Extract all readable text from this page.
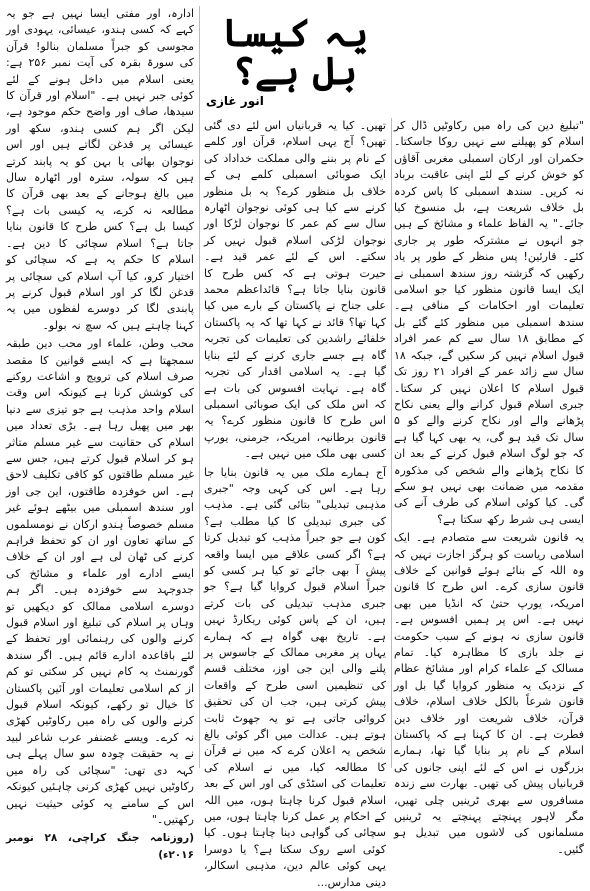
یہ کیسا بل ہے؟
انور غازی

"تبلیغ دین کی راہ میں رکاوٹیں ڈال کر اسلام کو پھیلنے سے نہیں روکا جاسکتا۔ حکمران اور ارکان اسمبلی مغربی آقاؤں کو خوش کرنے کے لئے اپنی عاقبت برباد نہ کریں۔ سندھ اسمبلی کا پاس کردہ بل خلاف شریعت ہے، بل منسوخ کیا جائے۔" یہ الفاظ علماء و مشائخ کے ہیں جو انہوں نے مشترکہ طور پر جاری کئے۔ قارئین! پس منظر کے طور پر یاد رکھیں کہ گزشتہ روز سندھ اسمبلی نے ایک ایسا قانون منظور کیا جو اسلامی تعلیمات اور احکامات کے منافی ہے۔ سندھ اسمبلی میں منظور کئے گئے بل کے مطابق ۱۸ سال سے کم عمر افراد قبول اسلام نہیں کر سکیں گے، جبکہ ۱۸ سال سے زائد عمر کے افراد ۲۱ روز تک قبول اسلام کا اعلان نہیں کر سکتا۔ جبری اسلام قبول کرانے والے یعنی نکاح پڑھانے والے اور نکاح کرنے والے کو ۵ سال تک قید ہو گی، یہ بھی کہا گیا ہے کہ جو لوگ اسلام قبول کرنے کے بعد ان کا نکاح پڑھانے والے شخص کی مذکورہ مقدمہ میں ضمانت بھی نہیں ہو سکے گی۔ کیا کوئی اسلام کی طرف آنے کی ایسی ہی شرط رکھ سکتا ہے؟

یہ قانون شریعت سے متصادم ہے۔ ایک اسلامی ریاست کو ہرگز اجازت نہیں کہ وہ اللہ کے بنائے ہوئے قوانین کے خلاف قانون سازی کرے۔ اس طرح کا قانون امریکہ، یورپ حتیٰ کہ انڈیا میں بھی نہیں ہے۔ اس پر ہمیں افسوس ہے۔ قانون سازی نہ ہونے کے سبب حکومت نے جلد بازی کا مظاہرہ کیا۔ تمام مسالک کے علماء کرام اور مشائخ عظام کے نزدیک یہ منظور کروایا گیا بل اور قانون شرعاً بالکل خلاف اسلام، خلاف قرآن، خلاف شریعت اور خلاف دین فطرت ہے۔ ان کا کہنا ہے کہ پاکستان اسلام کے نام پر بنایا گیا تھا، ہمارے بزرگوں نے اس کے لئے اپنی جانوں کی قربانیاں پیش کی تھیں۔ بھارت سے زندہ مسافروں سے بھری ٹرینیں چلی تھیں، مگر لاہور پہنچتے پہنچتے یہ ٹرینیں مسلمانوں کی لاشوں میں تبدیل ہو گئیں۔

تھیں۔ کیا یہ قربانیاں اس لئے دی گئی تھیں؟ آج یہی اسلام، قرآن اور کلمے کے نام پر بننے والی مملکت خداداد کی ایک صوبائی اسمبلی کلمے ہی کے خلاف بل منظور کرے؟ یہ بل منظور کرنے سے کیا ہی کوئی نوجوان اٹھارہ سال سے کم عمر کا نوجوان لڑکا اور نوجوان لڑکی اسلام قبول نہیں کر سکتے۔ اس کے لئے عمر قید ہے۔ حیرت ہوتی ہے کہ کس طرح کا قانون بنایا جاتا ہے؟ قائداعظم محمد علی جناح نے پاکستان کے بارے میں کیا کہا تھا؟ قائد نے کہا تھا کہ یہ پاکستان خلفائے راشدین کی تعلیمات کی تجربہ گاہ ہے جسے جاری کرنے کے لئے بنایا گیا ہے۔ یہ اسلامی اقدار کی تجربہ گاہ ہے۔ نہایت افسوس کی بات ہے کہ اس ملک کی ایک صوبائی اسمبلی اس طرح کا قانون منظور کرے؟ یہ قانون برطانیہ، امریکہ، جرمنی، یورپ کسی بھی ملک میں نہیں ہے۔

آج ہمارے ملک میں یہ قانون بنایا جا رہا ہے۔ اس کی کہی وجہ "جبری مذہبی تبدیلی" بتائی گئی ہے۔ مذہب کی جبری تبدیلی کا کیا مطلب ہے؟ کون ہے جو جبراً مذہب کو تبدیل کرتا ہے؟ اگر کسی علاقے میں ایسا واقعہ پیش آ بھی جائے تو کیا ہر کسی کو جبراً اسلام قبول کروایا گیا ہے؟ جو جبری مذہب تبدیلی کی بات کرتے ہیں، ان کے پاس کوئی ریکارڈ نہیں ہے۔ تاریخ بھی گواہ ہے کہ ہمارے یہاں پر مغربی ممالک کے جاسوس پر پلنے والی این جی اوز، مختلف قسم کی تنظیمیں اسی طرح کے واقعات پیش کرتی ہیں، جب ان کی تحقیق کروائی جاتی ہے تو یہ جھوٹ ثابت ہوتے ہیں۔ عدالت میں اگر کوئی بالغ شخص یہ اعلان کرے کہ میں نے قرآن کا مطالعہ کیا، میں نے اسلام کی تعلیمات کی اسٹڈی کی اور اس کے بعد اسلام قبول کرنا چاہتا ہوں، میں اللہ کے احکام پر عمل کرنا چاہتا ہوں، میں سچائی کی گواہی دینا چاہتا ہوں۔ کیا کوئی اسے روک سکتا ہے؟ یا دوسرا یہی کوئی عالم دین، مذہبی اسکالر، دینی مدارس...

ادارہ، اور مفتی ایسا نہیں ہے جو یہ کہے کہ کسی ہندو، عیسائی، یہودی اور مجوسی کو جبراً مسلمان بنالو! قرآن کی سورۃ بقرہ کی آیت نمبر ۲۵۶ ہے: یعنی اسلام میں داخل ہونے کے لئے کوئی جبر نہیں ہے۔ "اسلام اور قرآن کا سیدھا، صاف اور واضح حکم موجود ہے، لیکن اگر ہم کسی ہندو، سکھ اور عیسائی پر قدغن لگاتے ہیں اور اس نوجوان بھائی یا بہن کو یہ پابند کرتے ہیں کہ سولہ، سترہ اور اٹھارہ سال میں بالغ ہوجانے کے بعد بھی قرآن کا مطالعہ نہ کرے، یہ کیسی بات ہے؟ کیسا بل ہے؟ کس طرح کا قانون بنایا جاتا ہے؟ اسلام سچائی کا دین ہے۔ اسلام کا حکم یہ ہے کہ سچائی کو اختیار کرو، کیا آپ اسلام کی سچائی پر قدغن لگا کر اور اسلام قبول کرنے پر پابندی لگا کر دوسرے لفظوں میں یہ کہنا چاہتے ہیں کہ سچ نہ بولو۔

محب وطن، علماء اور محب دین طبقہ سمجھتا ہے کہ ایسے قوانین کا مقصد صرف اسلام کی ترویج و اشاعت روکنے کی کوشش کرنا ہے کیونکہ اس وقت اسلام واحد مذہب ہے جو تیزی سے دنیا بھر میں پھیل رہا ہے۔ بڑی تعداد میں اسلام کی حقانیت سے غیر مسلم متاثر ہو کر اسلام قبول کرتے ہیں، جس سے غیر مسلم طاقتوں کو کافی تکلیف لاحق ہے۔ اس خوفزدہ طاقتوں، این جی اوز اور سندھ اسمبلی میں بیٹھے ہوئے غیر مسلم خصوصاً ہندو ارکان نے نومسلموں کے ساتھ تعاون اور ان کو تحفظ فراہم کرنے کی ٹھان لی ہے اور ان کے خلاف ایسے ادارے اور علماء و مشائخ کی جدوجہد سے خوفزدہ ہیں۔ اگر ہم دوسرے اسلامی ممالک کو دیکھیں تو وہاں پر اسلام کی تبلیغ اور اسلام قبول کرنے والوں کی رہنمائی اور تحفظ کے لئے باقاعدہ ادارے قائم ہیں۔ اگر سندھ گورنمنٹ یہ کام نہیں کر سکتی تو کم از کم اسلامی تعلیمات اور آئین پاکستان کا خیال تو رکھے، کیونکہ اسلام قبول کرنے والوں کی راہ میں رکاوٹیں کھڑی نہ کرے۔ ویسے غضنفر عرب شاعر لبید نے یہ حقیقت چودہ سو سال پہلے ہی کہہ دی تھی: "سچائی کی راہ میں رکاوٹیں نہیں کھڑی کرنی چاہئیں کیونکہ اس کے سامنے یہ کوئی حیثیت نہیں رکھتیں۔"

(روزنامہ جنگ کراچی، ۲۸ نومبر ۲۰۱۶ء)
